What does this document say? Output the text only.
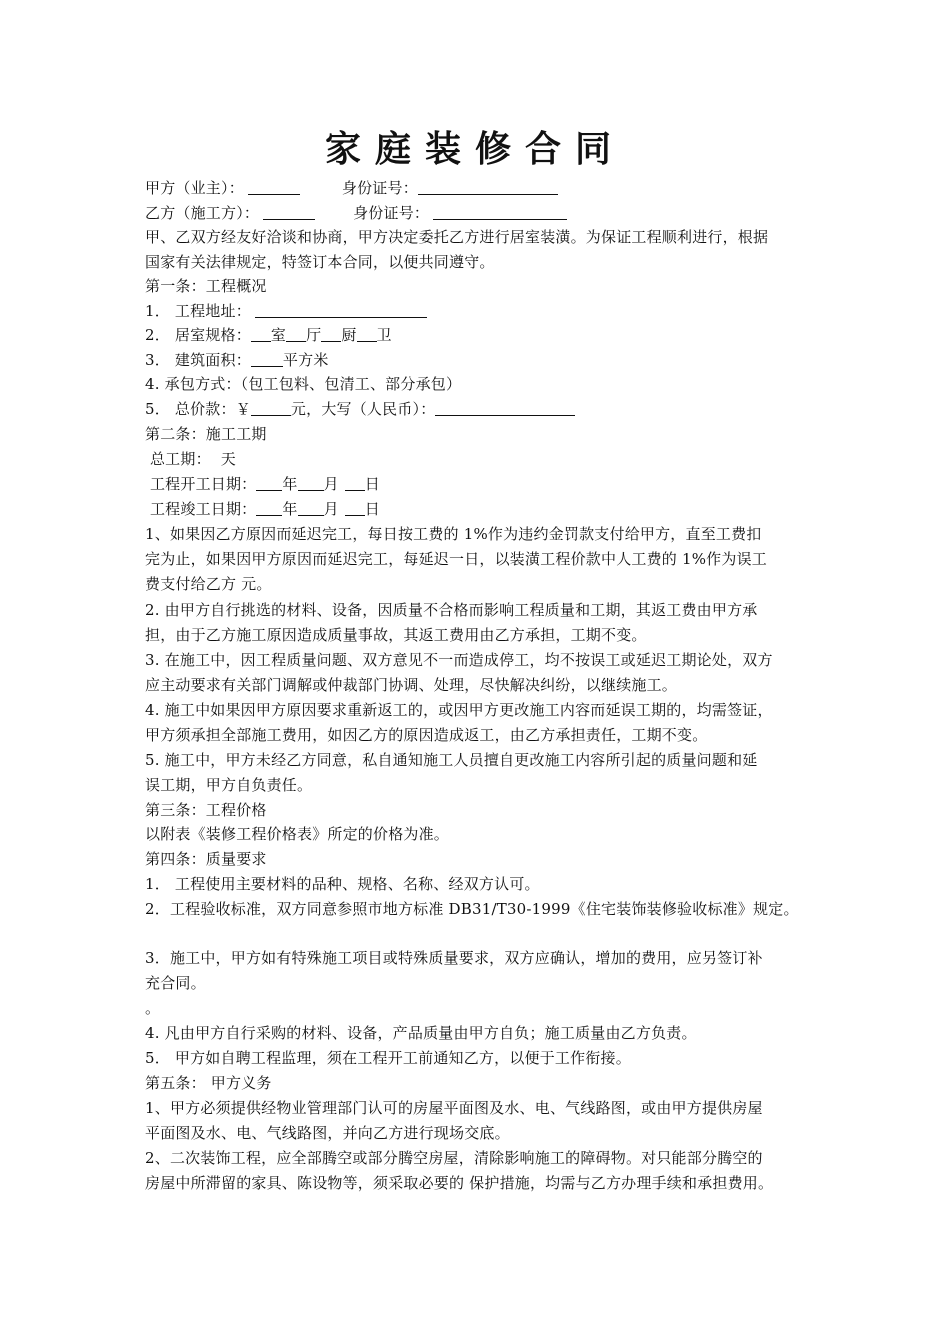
家庭装修合同
甲方（业主）：	身份证号：
乙方（施工方）：	身份证号：
甲、乙双方经友好洽谈和协商，甲方决定委托乙方进行居室装潢。为保证工程顺利进行，根据
国家有关法律规定，特签订本合同，以便共同遵守。
第一条：工程概况
1． 工程地址：
2． 居室规格： 室 厅 厨 卫
3． 建筑面积： 平方米
4. 承包方式：（包工包料、包清工、部分承包）
5． 总价款：￥	元，大写（人民币）：
第二条：施工工期
总工期：  天
工程开工日期： 年 月 日
工程竣工日期： 年 月 日
1、如果因乙方原因而延迟完工，每日按工费的 1%作为违约金罚款支付给甲方，直至工费扣
完为止，如果因甲方原因而延迟完工，每延迟一日，以装潢工程价款中人工费的 1%作为误工
费支付给乙方 元。
2. 由甲方自行挑选的材料、设备，因质量不合格而影响工程质量和工期，其返工费由甲方承
担，由于乙方施工原因造成质量事故，其返工费用由乙方承担，工期不变。
3. 在施工中，因工程质量问题、双方意见不一而造成停工，均不按误工或延迟工期论处，双方
应主动要求有关部门调解或仲裁部门协调、处理，尽快解决纠纷，以继续施工。
4. 施工中如果因甲方原因要求重新返工的，或因甲方更改施工内容而延误工期的，均需签证，
甲方须承担全部施工费用，如因乙方的原因造成返工，由乙方承担责任，工期不变。
5. 施工中，甲方未经乙方同意，私自通知施工人员擅自更改施工内容所引起的质量问题和延
误工期，甲方自负责任。
第三条：工程价格
以附表《装修工程价格表》所定的价格为准。
第四条：质量要求
1． 工程使用主要材料的品种、规格、名称、经双方认可。
2．工程验收标准，双方同意参照市地方标准 DB31/T30-1999《住宅装饰装修验收标准》规定。
3．施工中，甲方如有特殊施工项目或特殊质量要求，双方应确认，增加的费用，应另签订补
充合同。
。
4. 凡由甲方自行采购的材料、设备，产品质量由甲方自负；施工质量由乙方负责。
5． 甲方如自聘工程监理，须在工程开工前通知乙方，以便于工作衔接。
第五条： 甲方义务
1、甲方必须提供经物业管理部门认可的房屋平面图及水、电、气线路图，或由甲方提供房屋
平面图及水、电、气线路图，并向乙方进行现场交底。
2、二次装饰工程，应全部腾空或部分腾空房屋，清除影响施工的障碍物。对只能部分腾空的
房屋中所滞留的家具、陈设物等，须采取必要的 保护措施，均需与乙方办理手续和承担费用。
